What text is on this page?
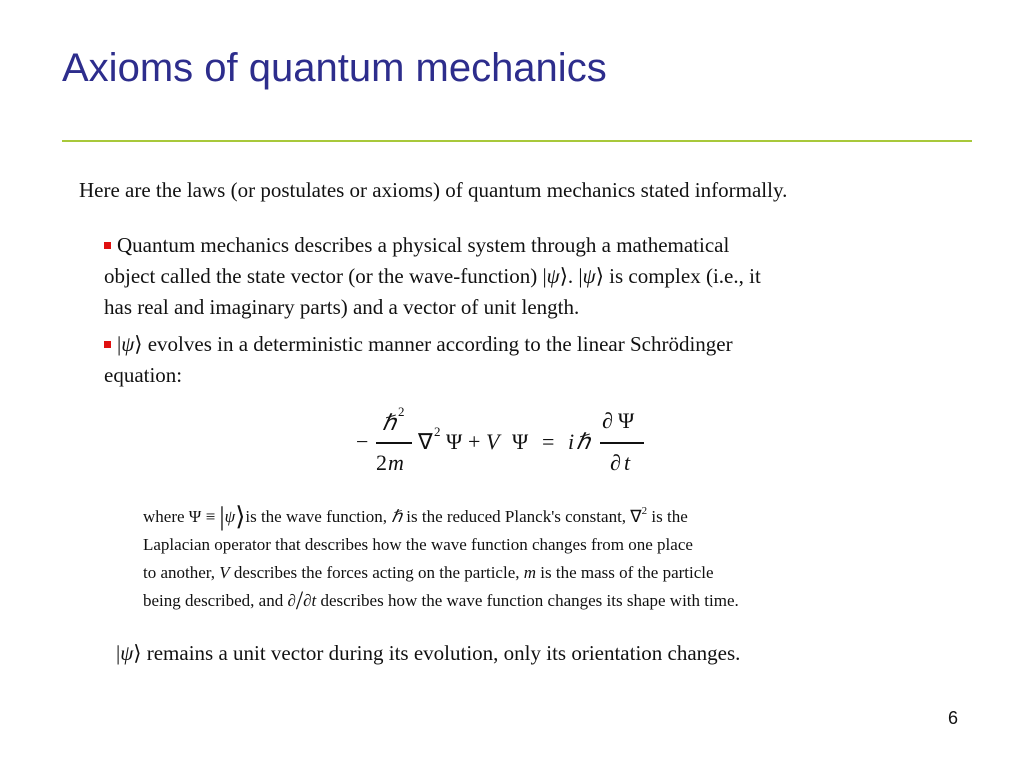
Axioms of quantum mechanics
Here are the laws (or postulates or axioms) of quantum mechanics stated informally.
Quantum mechanics describes a physical system through a mathematical
object called the state vector (or the wave-function) |ψ⟩. |ψ⟩ is complex (i.e., it
has real and imaginary parts) and a vector of unit length.
|ψ⟩ evolves in a deterministic manner according to the linear Schrödinger
equation:
−
ℏ 2
2 m
∇ 2 Ψ + V Ψ = i ℏ
∂ Ψ
∂ t
where Ψ ≡ |ψ⟩is the wave function, ℏ is the reduced Planck's constant, ∇$^2$ is the
Laplacian operator that describes how the wave function changes from one place
to another, V describes the forces acting on the particle, m is the mass of the particle
being described, and ∂/∂t describes how the wave function changes its shape with time.
|ψ⟩ remains a unit vector during its evolution, only its orientation changes.
6
